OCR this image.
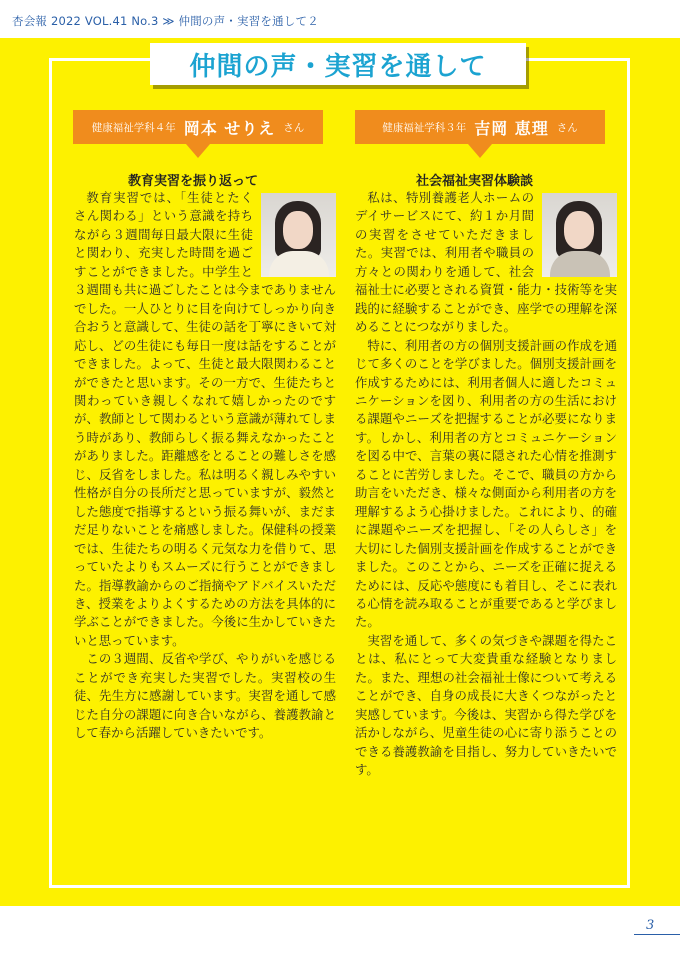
杏会報 2022 VOL.41 No.3 ≫ 仲間の声・実習を通して２
仲間の声・実習を通して
健康福祉学科４年 岡本 せりえ さん	健康福祉学科３年 吉岡 恵理 さん
教育実習を振り返って	社会福祉実習体験談

教育実習では、「生徒とたくさん関わる」という意識を持ちながら３週間毎日最大限に生徒と関わり、充実した時間を過ごすことができました。中学生と３週間も共に過ごしたことは今までありませんでした。一人ひとりに目を向けてしっかり向き合おうと意識して、生徒の話を丁寧にきいて対応し、どの生徒にも毎日一度は話をすることができました。よって、生徒と最大限関わることができたと思います。その一方で、生徒たちと関わっていき親しくなれて嬉しかったのですが、教師として関わるという意識が薄れてしまう時があり、教師らしく振る舞えなかったことがありました。距離感をとることの難しさを感じ、反省をしました。私は明るく親しみやすい性格が自分の長所だと思っていますが、毅然とした態度で指導するという振る舞いが、まだまだ足りないことを痛感しました。保健科の授業では、生徒たちの明るく元気な力を借りて、思っていたよりもスムーズに行うことができました。指導教諭からのご指摘やアドバイスいただき、授業をよりよくするための方法を具体的に学ぶことができました。今後に生かしていきたいと思っています。

この３週間、反省や学び、やりがいを感じることができ充実した実習でした。実習校の生徒、先生方に感謝しています。実習を通して感じた自分の課題に向き合いながら、養護教諭として春から活躍していきたいです。

私は、特別養護老人ホームのデイサービスにて、約１か月間の実習をさせていただきました。実習では、利用者や職員の方々との関わりを通して、社会福祉士に必要とされる資質・能力・技術等を実践的に経験することができ、座学での理解を深めることにつながりました。

特に、利用者の方の個別支援計画の作成を通じて多くのことを学びました。個別支援計画を作成するためには、利用者個人に適したコミュニケーションを図り、利用者の方の生活における課題やニーズを把握することが必要になります。しかし、利用者の方とコミュニケーションを図る中で、言葉の裏に隠された心情を推測することに苦労しました。そこで、職員の方から助言をいただき、様々な側面から利用者の方を理解するよう心掛けました。これにより、的確に課題やニーズを把握し、「その人らしさ」を大切にした個別支援計画を作成することができました。このことから、ニーズを正確に捉えるためには、反応や態度にも着目し、そこに表れる心情を読み取ることが重要であると学びました。

実習を通して、多くの気づきや課題を得たことは、私にとって大変貴重な経験となりました。また、理想の社会福祉士像について考えることができ、自身の成長に大きくつながったと実感しています。今後は、実習から得た学びを活かしながら、児童生徒の心に寄り添うことのできる養護教諭を目指し、努力していきたいです。

3
